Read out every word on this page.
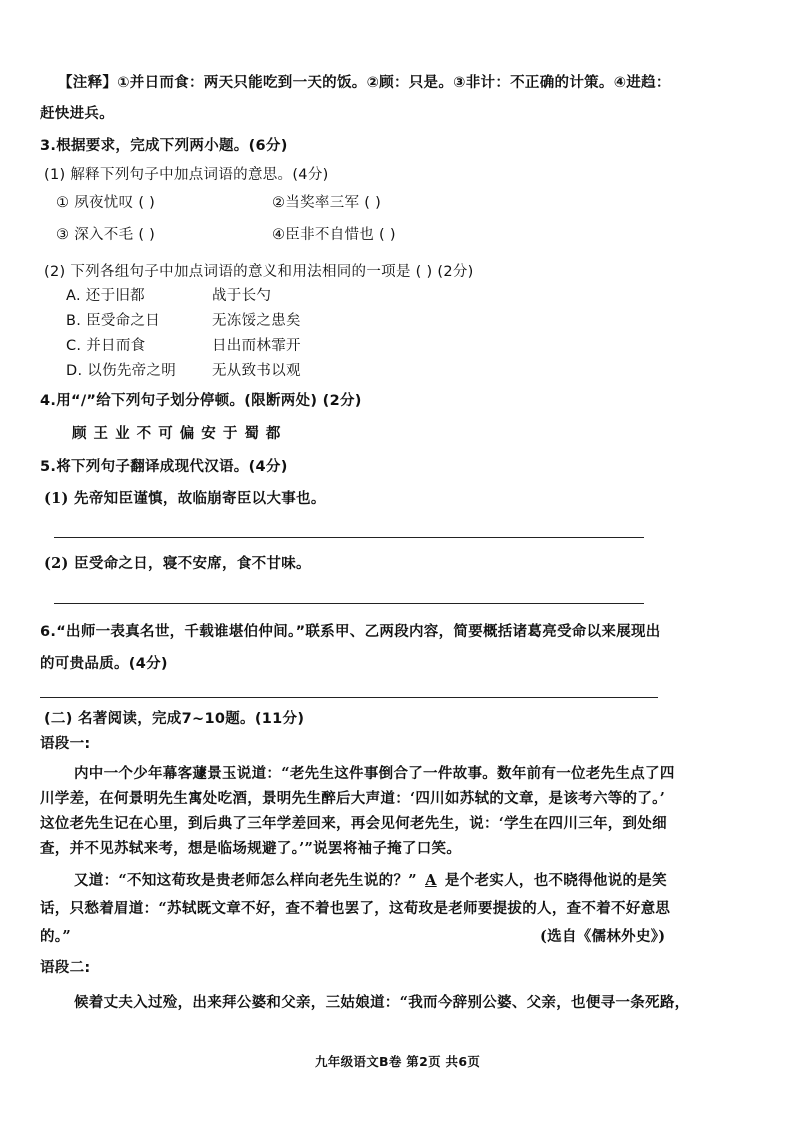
【注释】①并日而食：两天只能吃到一天的饭。②顾：只是。③非计：不正确的计策。④进趋：
赶快进兵。
3.根据要求，完成下列两小题。(6分)
(1) 解释下列句子中加点词语的意思。(4分)
① 夙夜忧叹 ( )	②当奖率三军 ( )
③ 深入不毛 ( )	④臣非不自惜也 ( )
(2) 下列各组句子中加点词语的意义和用法相同的一项是 ( ) (2分)
A. 还于旧都	战于长勺
B. 臣受命之日	无冻馁之患矣
C. 并日而食	日出而林霏开
D. 以伤先帝之明 无从致书以观
4.用“/”给下列句子划分停顿。(限断两处) (2分)
顾 王 业 不 可 偏 安 于 蜀 都
5.将下列句子翻译成现代汉语。(4分)
(1) 先帝知臣谨慎，故临崩寄臣以大事也。
(2) 臣受命之日，寝不安席，食不甘味。
6.“出师一表真名世，千载谁堪伯仲间。”联系甲、乙两段内容，简要概括诸葛亮受命以来展现出
的可贵品质。(4分)
(二) 名著阅读，完成7~10题。(11分)
语段一:
内中一个少年幕客蘧景玉说道：“老先生这件事倒合了一件故事。数年前有一位老先生点了四
川学差，在何景明先生寓处吃酒，景明先生醉后大声道：‘四川如苏轼的文章，是该考六等的了。’
这位老先生记在心里，到后典了三年学差回来，再会见何老先生，说：‘学生在四川三年，到处细
查，并不见苏轼来考，想是临场规避了。’”说罢将袖子掩了口笑。
又道：“不知这荀玫是贵老师怎么样向老先生说的？” A 是个老实人，也不晓得他说的是笑
话，只愁着眉道：“苏轼既文章不好，查不着也罢了，这荀玫是老师要提拔的人，查不着不好意思
的。”	(选自《儒林外史》)
语段二:
候着丈夫入过殓，出来拜公婆和父亲，三姑娘道：“我而今辞别公婆、父亲，也便寻一条死路，
九年级语文B卷 第2页 共6页
